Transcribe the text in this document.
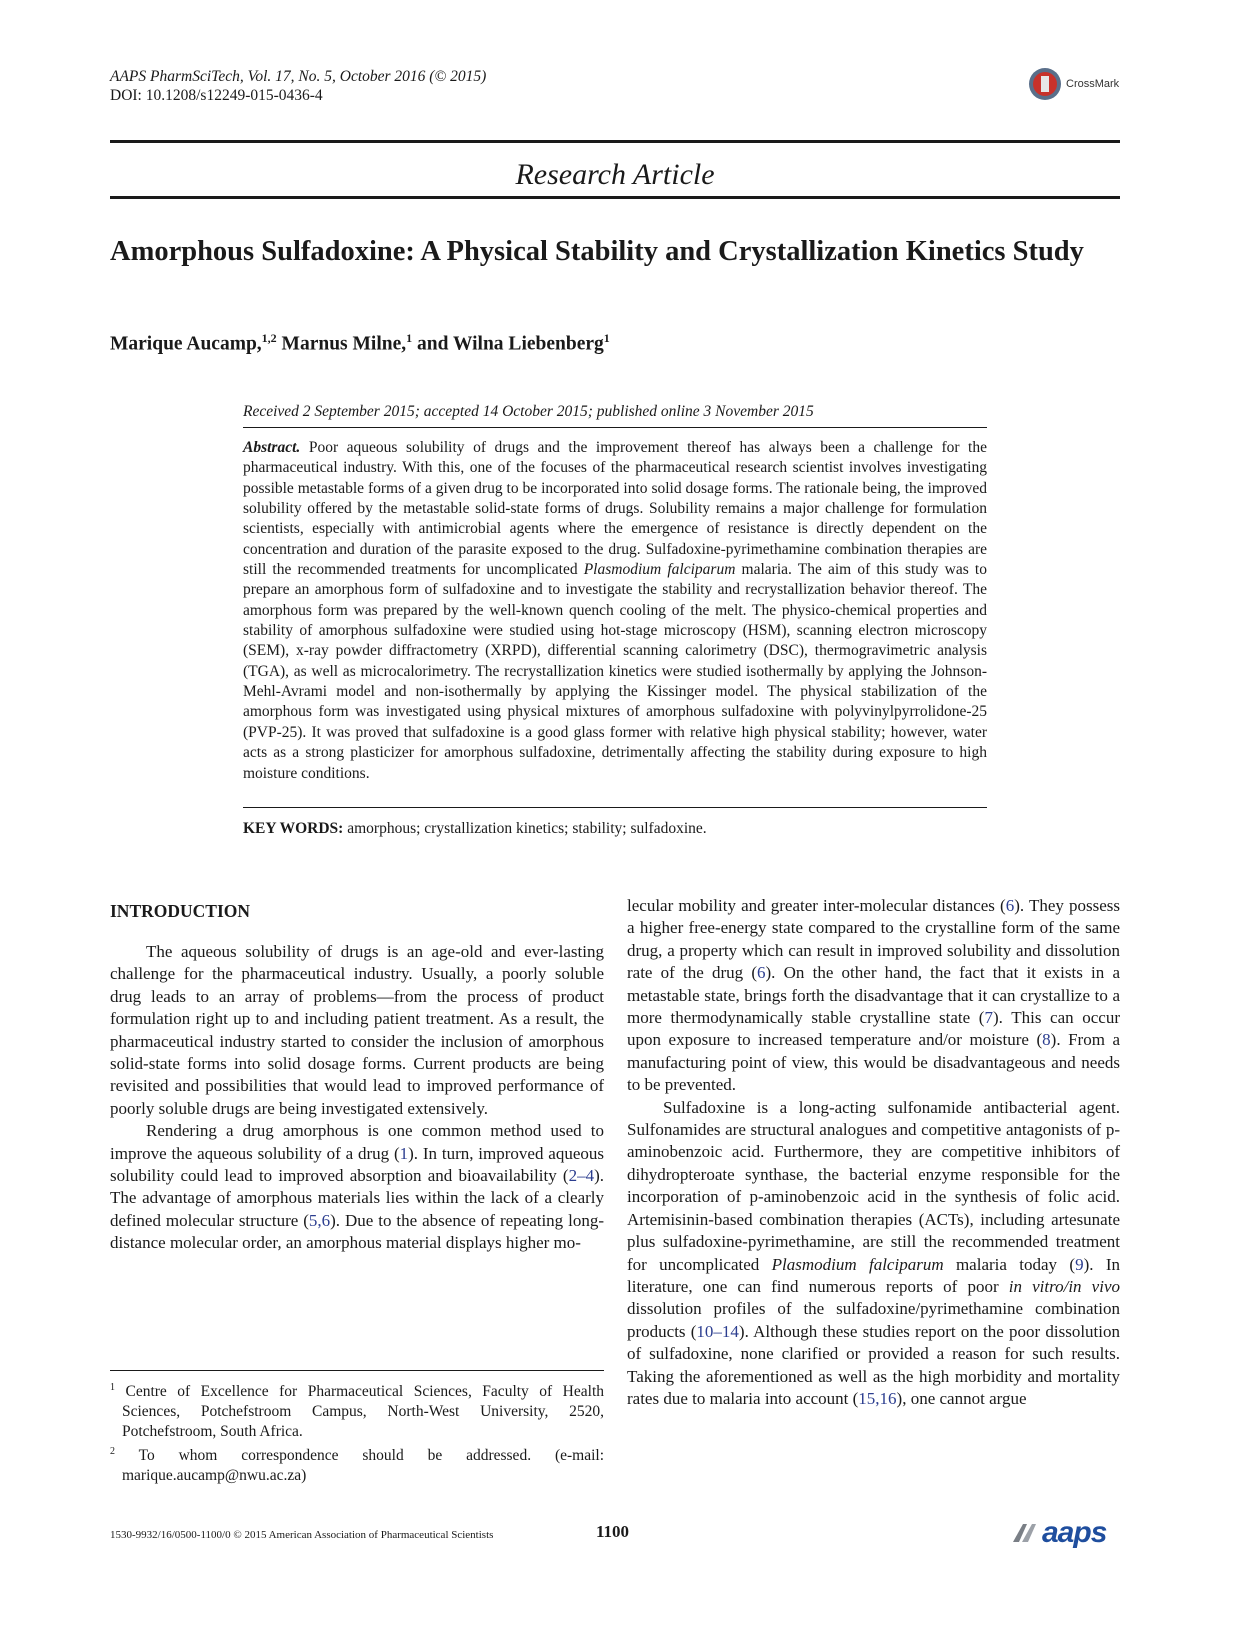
AAPS PharmSciTech, Vol. 17, No. 5, October 2016 (© 2015)
DOI: 10.1208/s12249-015-0436-4
CrossMark
Research Article
Amorphous Sulfadoxine: A Physical Stability and Crystallization Kinetics Study
Marique Aucamp,$^{1,2}$ Marnus Milne,$^1$ and Wilna Liebenberg$^1$
Received 2 September 2015; accepted 14 October 2015; published online 3 November 2015
Abstract. Poor aqueous solubility of drugs and the improvement thereof has always been a challenge for the pharmaceutical industry. With this, one of the focuses of the pharmaceutical research scientist involves investigating possible metastable forms of a given drug to be incorporated into solid dosage forms. The rationale being, the improved solubility offered by the metastable solid-state forms of drugs. Solubility remains a major challenge for formulation scientists, especially with antimicrobial agents where the emergence of resistance is directly dependent on the concentration and duration of the parasite exposed to the drug. Sulfadoxine-pyrimethamine combination therapies are still the recommended treatments for uncomplicated Plasmodium falciparum malaria. The aim of this study was to prepare an amorphous form of sulfadoxine and to investigate the stability and recrystallization behavior thereof. The amorphous form was prepared by the well-known quench cooling of the melt. The physico-chemical properties and stability of amorphous sulfadoxine were studied using hot-stage microscopy (HSM), scanning electron microscopy (SEM), x-ray powder diffractometry (XRPD), differential scanning calorimetry (DSC), thermogravimetric analysis (TGA), as well as microcalorimetry. The recrystallization kinetics were studied isothermally by applying the Johnson-Mehl-Avrami model and non-isothermally by applying the Kissinger model. The physical stabilization of the amorphous form was investigated using physical mixtures of amorphous sulfadoxine with polyvinylpyrrolidone-25 (PVP-25). It was proved that sulfadoxine is a good glass former with relative high physical stability; however, water acts as a strong plasticizer for amorphous sulfadoxine, detrimentally affecting the stability during exposure to high moisture conditions.
KEY WORDS: amorphous; crystallization kinetics; stability; sulfadoxine.
INTRODUCTION

The aqueous solubility of drugs is an age-old and ever-lasting challenge for the pharmaceutical industry. Usually, a poorly soluble drug leads to an array of problems—from the process of product formulation right up to and including patient treatment. As a result, the pharmaceutical industry started to consider the inclusion of amorphous solid-state forms into solid dosage forms. Current products are being revisited and possibilities that would lead to improved performance of poorly soluble drugs are being investigated extensively.

Rendering a drug amorphous is one common method used to improve the aqueous solubility of a drug (1). In turn, improved aqueous solubility could lead to improved absorption and bioavailability (2–4). The advantage of amorphous materials lies within the lack of a clearly defined molecular structure (5,6). Due to the absence of repeating long-distance molecular order, an amorphous material displays higher mo-

lecular mobility and greater inter-molecular distances (6). They possess a higher free-energy state compared to the crystalline form of the same drug, a property which can result in improved solubility and dissolution rate of the drug (6). On the other hand, the fact that it exists in a metastable state, brings forth the disadvantage that it can crystallize to a more thermodynamically stable crystalline state (7). This can occur upon exposure to increased temperature and/or moisture (8). From a manufacturing point of view, this would be disadvantageous and needs to be prevented.

Sulfadoxine is a long-acting sulfonamide antibacterial agent. Sulfonamides are structural analogues and competitive antagonists of p-aminobenzoic acid. Furthermore, they are competitive inhibitors of dihydropteroate synthase, the bacterial enzyme responsible for the incorporation of p-aminobenzoic acid in the synthesis of folic acid. Artemisinin-based combination therapies (ACTs), including artesunate plus sulfadoxine-pyrimethamine, are still the recommended treatment for uncomplicated Plasmodium falciparum malaria today (9). In literature, one can find numerous reports of poor in vitro/in vivo dissolution profiles of the sulfadoxine/pyrimethamine combination products (10–14). Although these studies report on the poor dissolution of sulfadoxine, none clarified or provided a reason for such results. Taking the aforementioned as well as the high morbidity and mortality rates due to malaria into account (15,16), one cannot argue

$^1$ Centre of Excellence for Pharmaceutical Sciences, Faculty of Health Sciences, Potchefstroom Campus, North-West University, 2520, Potchefstroom, South Africa.
$^2$ To whom correspondence should be addressed. (e-mail: marique.aucamp@nwu.ac.za)
1530-9932/16/0500-1100/0 © 2015 American Association of Pharmaceutical Scientists	1100	aaps
